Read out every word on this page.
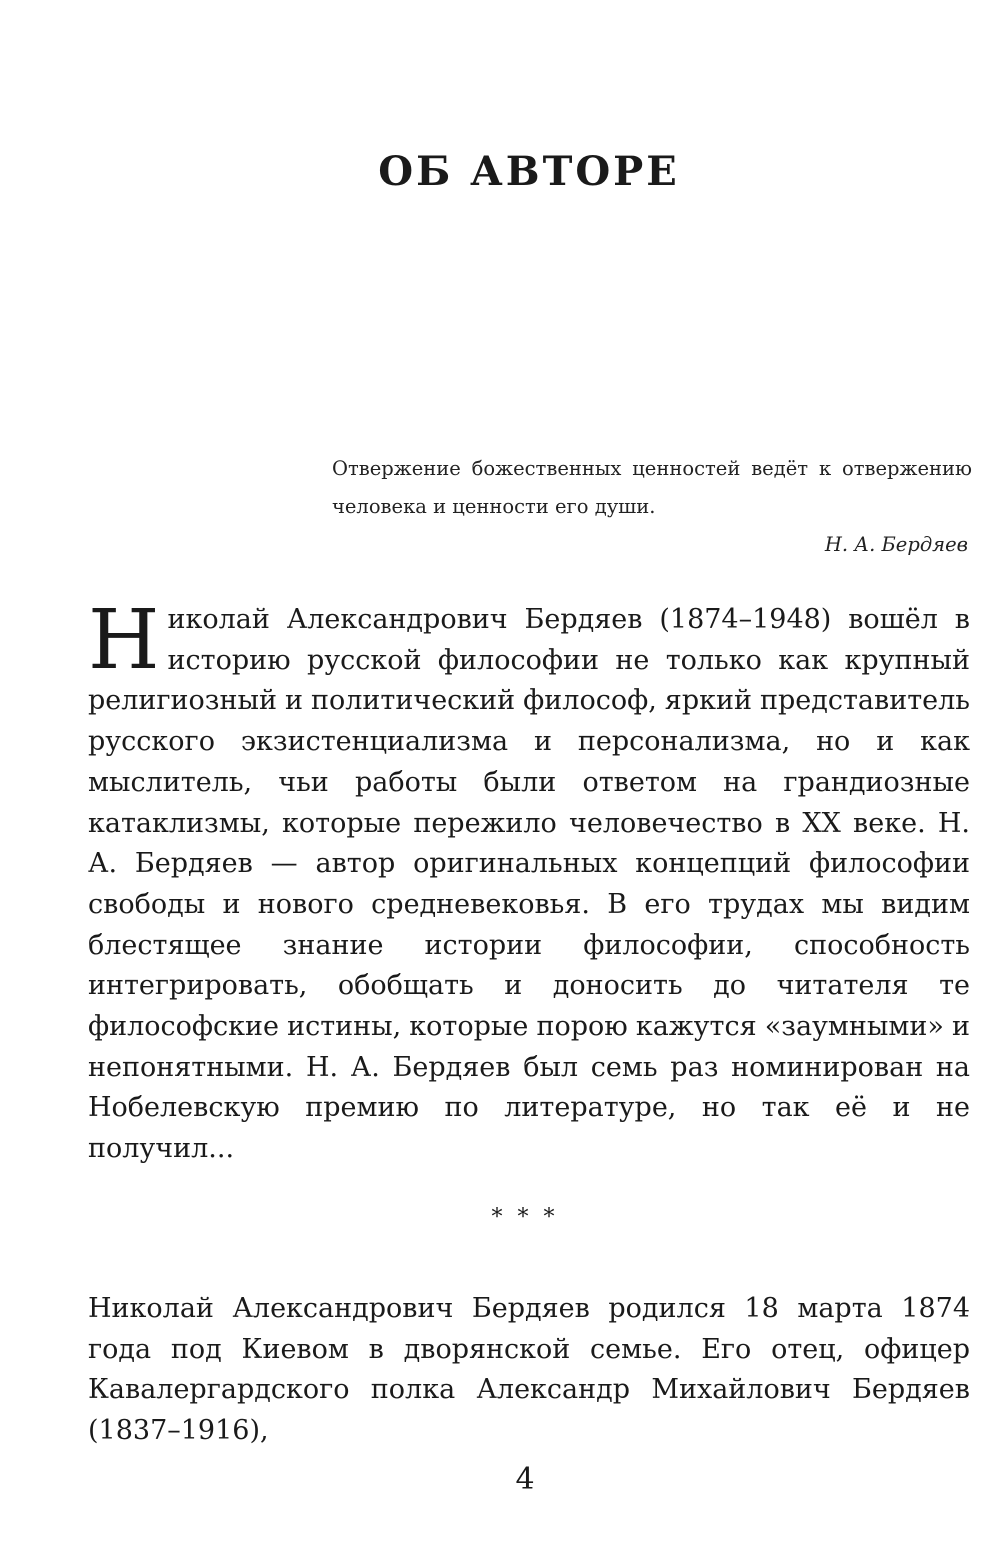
ОБ АВТОРЕ

Отвержение божественных ценностей ведёт к отвержению человека и ценности его души.

Н. А. Бердяев

Николай Александрович Бердяев (1874–1948) вошёл в историю русской философии не только как крупный религиозный и политический философ, яркий представитель русского экзистенциализма и персонализма, но и как мыслитель, чьи работы были ответом на грандиозные катаклизмы, которые пережило человечество в XX веке. Н. А. Бердяев — автор оригинальных концепций философии свободы и нового средневековья. В его трудах мы видим блестящее знание истории философии, способность интегрировать, обобщать и доносить до читателя те философские истины, которые порою кажутся «заумными» и непонятными. Н. А. Бердяев был семь раз номинирован на Нобелевскую премию по литературе, но так её и не получил...

* * *

Николай Александрович Бердяев родился 18 марта 1874 года под Киевом в дворянской семье. Его отец, офицер Кавалергардского полка Александр Михайлович Бердяев (1837–1916),

4
